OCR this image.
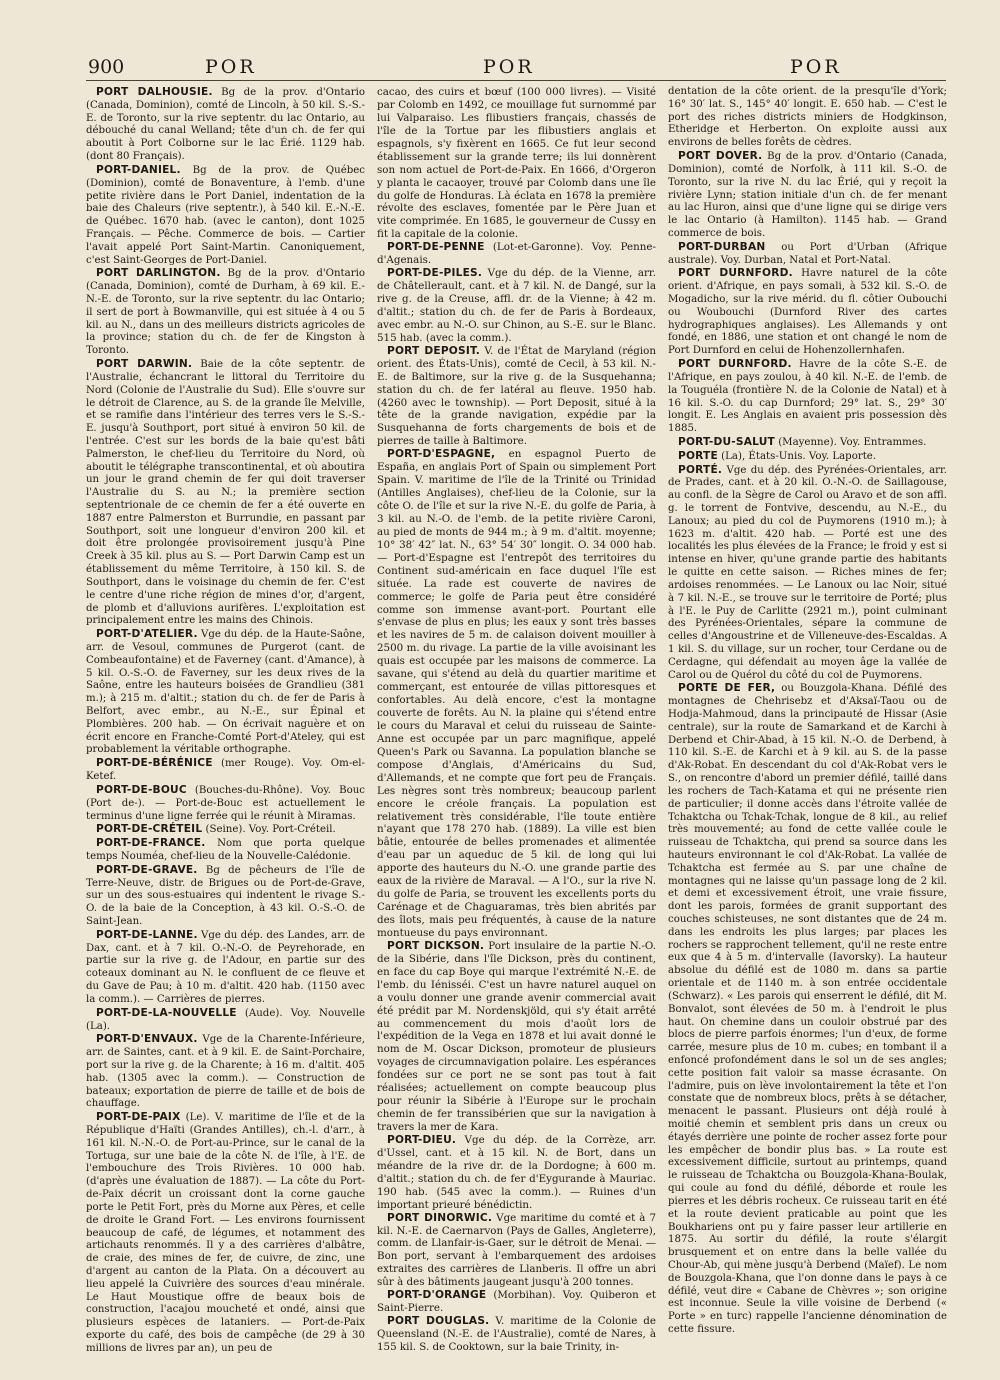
900	POR	POR	POR

PORT DALHOUSIE. Bg de la prov. d'Ontario (Canada, Dominion), comté de Lincoln, à 50 kil. S.-S.-E. de Toronto, sur la rive septentr. du lac Ontario, au débouché du canal Welland; tête d'un ch. de fer qui aboutit à Port Colborne sur le lac Érié. 1129 hab. (dont 80 Français).

PORT-DANIEL. Bg de la prov. de Québec (Dominion), comté de Bonaventure, à l'emb. d'une petite rivière dans le Port Daniel, indentation de la baie des Chaleurs (rive septentr.), à 540 kil. E.-N.-E. de Québec. 1670 hab. (avec le canton), dont 1025 Français. — Pêche. Commerce de bois. — Cartier l'avait appelé Port Saint-Martin. Canoniquement, c'est Saint-Georges de Port-Daniel.

PORT DARLINGTON. Bg de la prov. d'Ontario (Canada, Dominion), comté de Durham, à 69 kil. E.-N.-E. de Toronto, sur la rive septentr. du lac Ontario; il sert de port à Bowmanville, qui est située à 4 ou 5 kil. au N., dans un des meilleurs districts agricoles de la province; station du ch. de fer de Kingston à Toronto.

PORT DARWIN. Baie de la côte septentr. de l'Australie, échancrant le littoral du Territoire du Nord (Colonie de l'Australie du Sud). Elle s'ouvre sur le détroit de Clarence, au S. de la grande île Melville, et se ramifie dans l'intérieur des terres vers le S.-S.-E. jusqu'à Southport, port situé à environ 50 kil. de l'entrée. C'est sur les bords de la baie qu'est bâti Palmerston, le chef-lieu du Territoire du Nord, où aboutit le télégraphe transcontinental, et où aboutira un jour le grand chemin de fer qui doit traverser l'Australie du S. au N.; la première section septentrionale de ce chemin de fer a été ouverte en 1887 entre Palmerston et Burrundie, en passant par Southport, soit une longueur d'environ 200 kil. et doit être prolongée provisoirement jusqu'à Pine Creek à 35 kil. plus au S. — Port Darwin Camp est un établissement du même Territoire, à 150 kil. S. de Southport, dans le voisinage du chemin de fer. C'est le centre d'une riche région de mines d'or, d'argent, de plomb et d'alluvions aurifères. L'exploitation est principalement entre les mains des Chinois.

PORT-D'ATELIER. Vge du dép. de la Haute-Saône, arr. de Vesoul, communes de Purgerot (cant. de Combeaufontaine) et de Faverney (cant. d'Amance), à 5 kil. O.-S.-O. de Faverney, sur les deux rives de la Saône, entre les hauteurs boisées de Grandlieu (381 m.); à 215 m. d'altit.; station du ch. de fer de Paris à Belfort, avec embr., au N.-E., sur Épinal et Plombières. 200 hab. — On écrivait naguère et on écrit encore en Franche-Comté Port-d'Ateley, qui est probablement la véritable orthographe.

PORT-DE-BÉRÉNICE (mer Rouge). Voy. Om-el-Ketef.

PORT-DE-BOUC (Bouches-du-Rhône). Voy. Bouc (Port de-). — Port-de-Bouc est actuellement le terminus d'une ligne ferrée qui le réunit à Miramas.

PORT-DE-CRÉTEIL (Seine). Voy. Port-Créteil.

PORT-DE-FRANCE. Nom que porta quelque temps Nouméa, chef-lieu de la Nouvelle-Calédonie.

PORT-DE-GRAVE. Bg de pêcheurs de l'île de Terre-Neuve, distr. de Brigues ou de Port-de-Grave, sur un des sous-estuaires qui indentent le rivage S.-O. de la baie de la Conception, à 43 kil. O.-S.-O. de Saint-Jean.

PORT-DE-LANNE. Vge du dép. des Landes, arr. de Dax, cant. et à 7 kil. O.-N.-O. de Peyrehorade, en partie sur la rive g. de l'Adour, en partie sur des coteaux dominant au N. le confluent de ce fleuve et du Gave de Pau; à 10 m. d'altit. 420 hab. (1150 avec la comm.). — Carrières de pierres.

PORT-DE-LA-NOUVELLE (Aude). Voy. Nouvelle (La).

PORT-D'ENVAUX. Vge de la Charente-Inférieure, arr. de Saintes, cant. et à 9 kil. E. de Saint-Porchaire, port sur la rive g. de la Charente; à 16 m. d'altit. 405 hab. (1305 avec la comm.). — Construction de bateaux; exportation de pierre de taille et de bois de chauffage.

PORT-DE-PAIX (Le). V. maritime de l'île et de la République d'Haïti (Grandes Antilles), ch.-l. d'arr., à 161 kil. N.-N.-O. de Port-au-Prince, sur le canal de la Tortuga, sur une baie de la côte N. de l'île, à l'E. de l'embouchure des Trois Rivières. 10 000 hab. (d'après une évaluation de 1887). — La côte du Port-de-Paix décrit un croissant dont la corne gauche porte le Petit Fort, près du Morne aux Pères, et celle de droite le Grand Fort. — Les environs fournissent beaucoup de café, de légumes, et notamment des artichauts renommés. Il y a des carrières d'albâtre, de craie, des mines de fer, de cuivre, de zinc, une d'argent au canton de la Plata. On a découvert au lieu appelé la Cuivrière des sources d'eau minérale. Le Haut Moustique offre de beaux bois de construction, l'acajou moucheté et ondé, ainsi que plusieurs espèces de lataniers. — Port-de-Paix exporte du café, des bois de campêche (de 29 à 30 millions de livres par an), un peu de

cacao, des cuirs et bœuf (100 000 livres). — Visité par Colomb en 1492, ce mouillage fut surnommé par lui Valparaiso. Les flibustiers français, chassés de l'île de la Tortue par les flibustiers anglais et espagnols, s'y fixèrent en 1665. Ce fut leur second établissement sur la grande terre; ils lui donnèrent son nom actuel de Port-de-Paix. En 1666, d'Orgeron y planta le cacaoyer, trouvé par Colomb dans une île du golfe de Honduras. Là éclata en 1678 la première révolte des esclaves, fomentée par le Père Juan et vite comprimée. En 1685, le gouverneur de Cussy en fit la capitale de la colonie.

PORT-DE-PENNE (Lot-et-Garonne). Voy. Penne-d'Agenais.

PORT-DE-PILES. Vge du dép. de la Vienne, arr. de Châtellerault, cant. et à 7 kil. N. de Dangé, sur la rive g. de la Creuse, affl. dr. de la Vienne; à 42 m. d'altit.; station du ch. de fer de Paris à Bordeaux, avec embr. au N.-O. sur Chinon, au S.-E. sur le Blanc. 515 hab. (avec la comm.).

PORT DEPOSIT. V. de l'État de Maryland (région orient. des États-Unis), comté de Cecil, à 53 kil. N.-E. de Baltimore, sur la rive g. de la Susquehanna; station du ch. de fer latéral au fleuve. 1950 hab. (4260 avec le township). — Port Deposit, situé à la tête de la grande navigation, expédie par la Susquehanna de forts chargements de bois et de pierres de taille à Baltimore.

PORT-D'ESPAGNE, en espagnol Puerto de España, en anglais Port of Spain ou simplement Port Spain. V. maritime de l'île de la Trinité ou Trinidad (Antilles Anglaises), chef-lieu de la Colonie, sur la côte O. de l'île et sur la rive N.-E. du golfe de Paria, à 3 kil. au N.-O. de l'emb. de la petite rivière Caroni, au pied de monts de 944 m.; à 9 m. d'altit. moyenne; 10° 38′ 42″ lat. N., 63° 54′ 30″ longit. O. 34 000 hab. — Port-d'Espagne est l'entrepôt des territoires du Continent sud-américain en face duquel l'île est située. La rade est couverte de navires de commerce; le golfe de Paria peut être considéré comme son immense avant-port. Pourtant elle s'envase de plus en plus; les eaux y sont très basses et les navires de 5 m. de calaison doivent mouiller à 2500 m. du rivage. La partie de la ville avoisinant les quais est occupée par les maisons de commerce. La savane, qui s'étend au delà du quartier maritime et commerçant, est entourée de villas pittoresques et confortables. Au delà encore, c'est la montagne couverte de forêts. Au N. la plaine qui s'étend entre le cours du Maraval et celui du ruisseau de Sainte-Anne est occupée par un parc magnifique, appelé Queen's Park ou Savanna. La population blanche se compose d'Anglais, d'Américains du Sud, d'Allemands, et ne compte que fort peu de Français. Les nègres sont très nombreux; beaucoup parlent encore le créole français. La population est relativement très considérable, l'île toute entière n'ayant que 178 270 hab. (1889). La ville est bien bâtie, entourée de belles promenades et alimentée d'eau par un aqueduc de 5 kil. de long qui lui apporte des hauteurs du N.-O. une grande partie des eaux de la rivière de Maraval. — A l'O., sur la rive N. du golfe de Paria, se trouvent les excellents ports du Carénage et de Chaguaramas, très bien abrités par des îlots, mais peu fréquentés, à cause de la nature montueuse du pays environnant.

PORT DICKSON. Port insulaire de la partie N.-O. de la Sibérie, dans l'île Dickson, près du continent, en face du cap Boye qui marque l'extrémité N.-E. de l'emb. du Iénisséi. C'est un havre naturel auquel on a voulu donner une grande avenir commercial avait été prédit par M. Nordenskjöld, qui s'y était arrêté au commencement du mois d'août lors de l'expédition de la Vega en 1878 et lui avait donné le nom de M. Oscar Dickson, promoteur de plusieurs voyages de circumnavigation polaire. Les espérances fondées sur ce port ne se sont pas tout à fait réalisées; actuellement on compte beaucoup plus pour réunir la Sibérie à l'Europe sur le prochain chemin de fer transsibérien que sur la navigation à travers la mer de Kara.

PORT-DIEU. Vge du dép. de la Corrèze, arr. d'Ussel, cant. et à 15 kil. N. de Bort, dans un méandre de la rive dr. de la Dordogne; à 600 m. d'altit.; station du ch. de fer d'Eygurande à Mauriac. 190 hab. (545 avec la comm.). — Ruines d'un important prieuré bénédictin.

PORT DINORWIC. Vge maritime du comté et à 7 kil. N.-E. de Caernarvon (Pays de Galles, Angleterre), comm. de Llanfair-is-Gaer, sur le détroit de Menai. — Bon port, servant à l'embarquement des ardoises extraites des carrières de Llanberis. Il offre un abri sûr à des bâtiments jaugeant jusqu'à 200 tonnes.

PORT-D'ORANGE (Morbihan). Voy. Quiberon et Saint-Pierre.

PORT DOUGLAS. V. maritime de la Colonie de Queensland (N.-E. de l'Australie), comté de Nares, à 155 kil. S. de Cooktown, sur la baie Trinity, in-

dentation de la côte orient. de la presqu'île d'York; 16° 30′ lat. S., 145° 40′ longit. E. 650 hab. — C'est le port des riches districts miniers de Hodgkinson, Etheridge et Herberton. On exploite aussi aux environs de belles forêts de cèdres.

PORT DOVER. Bg de la prov. d'Ontario (Canada, Dominion), comté de Norfolk, à 111 kil. S.-O. de Toronto, sur la rive N. du lac Érié, qui y reçoit la rivière Lynn; station initiale d'un ch. de fer menant au lac Huron, ainsi que d'une ligne qui se dirige vers le lac Ontario (à Hamilton). 1145 hab. — Grand commerce de bois.

PORT-DURBAN ou Port d'Urban (Afrique australe). Voy. Durban, Natal et Port-Natal.

PORT DURNFORD. Havre naturel de la côte orient. d'Afrique, en pays somali, à 532 kil. S.-O. de Mogadicho, sur la rive mérid. du fl. côtier Oubouchi ou Woubouchi (Durnford River des cartes hydrographiques anglaises). Les Allemands y ont fondé, en 1886, une station et ont changé le nom de Port Durnford en celui de Hohenzollernhafen.

PORT DURNFORD. Havre de la côte S.-E. de l'Afrique, en pays zoulou, à 40 kil. N.-E. de l'emb. de la Touguéla (frontière N. de la Colonie de Natal) et à 16 kil. S.-O. du cap Durnford; 29° lat. S., 29° 30′ longit. E. Les Anglais en avaient pris possession dès 1885.

PORT-DU-SALUT (Mayenne). Voy. Entrammes.

PORTE (La), États-Unis. Voy. Laporte.

PORTÉ. Vge du dép. des Pyrénées-Orientales, arr. de Prades, cant. et à 20 kil. O.-N.-O. de Saillagouse, au confl. de la Sègre de Carol ou Aravo et de son affl. g. le torrent de Fontvive, descendu, au N.-E., du Lanoux; au pied du col de Puymorens (1910 m.); à 1623 m. d'altit. 420 hab. — Porté est une des localités les plus élevées de la France; le froid y est si intense en hiver, qu'une grande partie des habitants le quitte en cette saison. — Riches mines de fer; ardoises renommées. — Le Lanoux ou lac Noir, situé à 7 kil. N.-E., se trouve sur le territoire de Porté; plus à l'E. le Puy de Carlitte (2921 m.), point culminant des Pyrénées-Orientales, sépare la commune de celles d'Angoustrine et de Villeneuve-des-Escaldas. A 1 kil. S. du village, sur un rocher, tour Cerdane ou de Cerdagne, qui défendait au moyen âge la vallée de Carol ou de Quérol du côté du col de Puymorens.

PORTE DE FER, ou Bouzgola-Khana. Défilé des montagnes de Chehrisebz et d'Aksaï-Taou ou de Hodja-Mahmoud, dans la principauté de Hissar (Asie centrale), sur la route de Samarkand et de Karchi à Derbend et Chir-Abad, à 15 kil. N.-O. de Derbend, à 110 kil. S.-E. de Karchi et à 9 kil. au S. de la passe d'Ak-Robat. En descendant du col d'Ak-Robat vers le S., on rencontre d'abord un premier défilé, taillé dans les rochers de Tach-Katama et qui ne présente rien de particulier; il donne accès dans l'étroite vallée de Tchaktcha ou Tchak-Tchak, longue de 8 kil., au relief très mouvementé; au fond de cette vallée coule le ruisseau de Tchaktcha, qui prend sa source dans les hauteurs environnant le col d'Ak-Robat. La vallée de Tchaktcha est fermée au S. par une chaîne de montagnes qui ne laisse qu'un passage long de 2 kil. et demi et excessivement étroit, une vraie fissure, dont les parois, formées de granit supportant des couches schisteuses, ne sont distantes que de 24 m. dans les endroits les plus larges; par places les rochers se rapprochent tellement, qu'il ne reste entre eux que 4 à 5 m. d'intervalle (Iavorsky). La hauteur absolue du défilé est de 1080 m. dans sa partie orientale et de 1140 m. à son entrée occidentale (Schwarz). « Les parois qui enserrent le défilé, dit M. Bonvalot, sont élevées de 50 m. à l'endroit le plus haut. On chemine dans un couloir obstrué par des blocs de pierre parfois énormes; l'un d'eux, de forme carrée, mesure plus de 10 m. cubes; en tombant il a enfoncé profondément dans le sol un de ses angles; cette position fait valoir sa masse écrasante. On l'admire, puis on lève involontairement la tête et l'on constate que de nombreux blocs, prêts à se détacher, menacent le passant. Plusieurs ont déjà roulé à moitié chemin et semblent pris dans un creux ou étayés derrière une pointe de rocher assez forte pour les empêcher de bondir plus bas. » La route est excessivement difficile, surtout au printemps, quand le ruisseau de Tchaktcha ou Bouzgola-Khana-Boulak, qui coule au fond du défilé, déborde et roule les pierres et les débris rocheux. Ce ruisseau tarit en été et la route devient praticable au point que les Boukhariens ont pu y faire passer leur artillerie en 1875. Au sortir du défilé, la route s'élargit brusquement et on entre dans la belle vallée du Chour-Ab, qui mène jusqu'à Derbend (Maïef). Le nom de Bouzgola-Khana, que l'on donne dans le pays à ce défilé, veut dire « Cabane de Chèvres »; son origine est inconnue. Seule la ville voisine de Derbend (« Porte » en turc) rappelle l'ancienne dénomination de cette fissure.
